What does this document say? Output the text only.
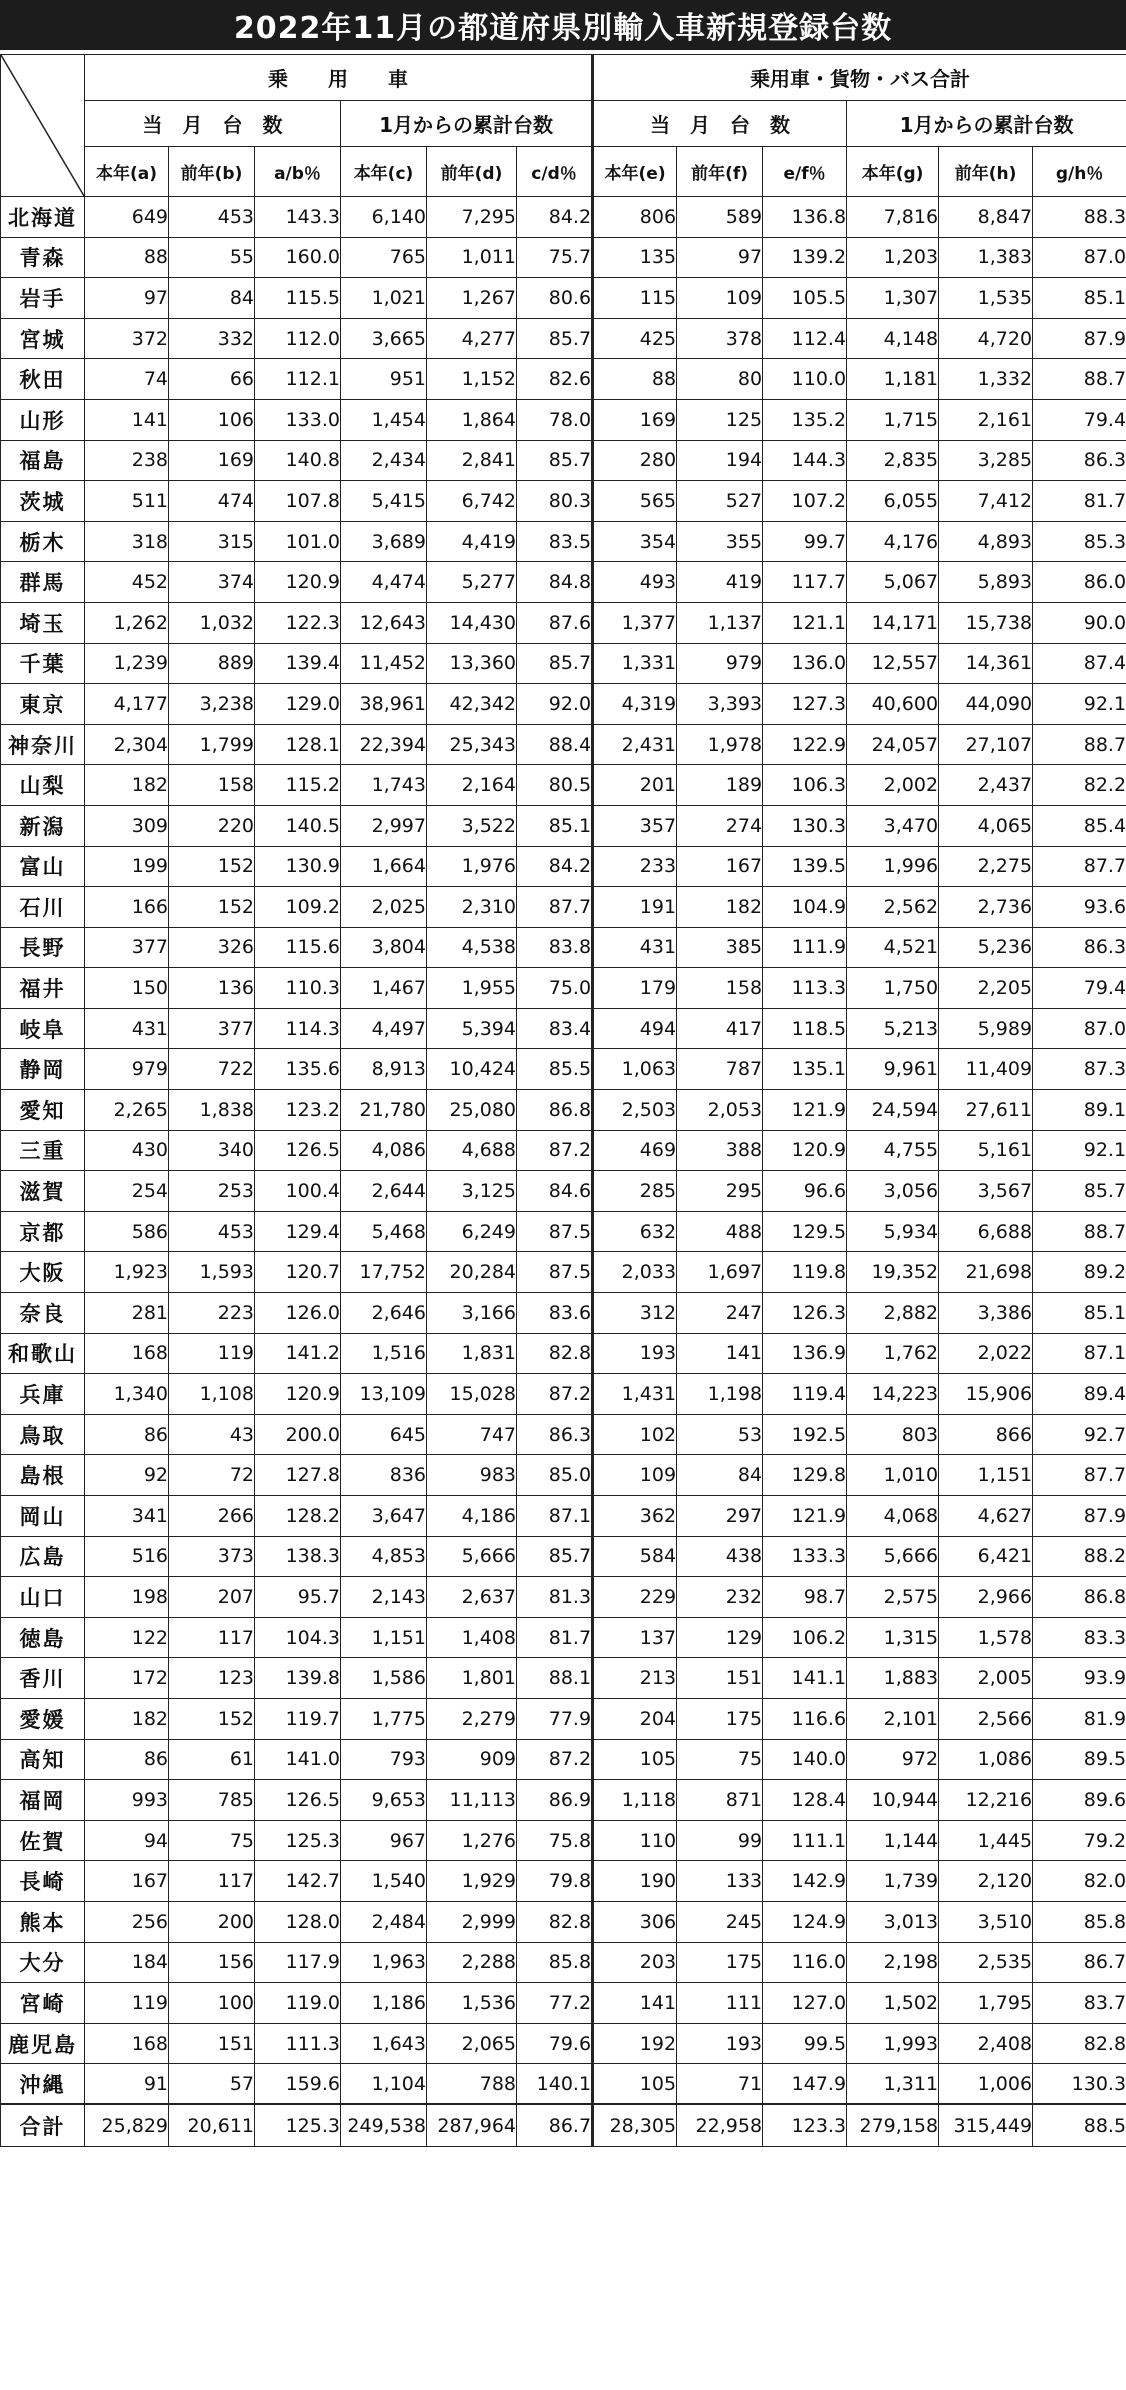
2022年11月の都道府県別輸入車新規登録台数
	乗　　用　　車						乗用車・貨物・バス合計					
	当　月　台　数			1月からの累計台数			当　月　台　数			1月からの累計台数		
	本年(a)	前年(b)	a/b％	本年(c)	前年(d)	c/d％	本年(e)	前年(f)	e/f％	本年(g)	前年(h)	g/h％
北海道	649	453	143.3	6,140	7,295	84.2	806	589	136.8	7,816	8,847	88.3
青森	88	55	160.0	765	1,011	75.7	135	97	139.2	1,203	1,383	87.0
岩手	97	84	115.5	1,021	1,267	80.6	115	109	105.5	1,307	1,535	85.1
宮城	372	332	112.0	3,665	4,277	85.7	425	378	112.4	4,148	4,720	87.9
秋田	74	66	112.1	951	1,152	82.6	88	80	110.0	1,181	1,332	88.7
山形	141	106	133.0	1,454	1,864	78.0	169	125	135.2	1,715	2,161	79.4
福島	238	169	140.8	2,434	2,841	85.7	280	194	144.3	2,835	3,285	86.3
茨城	511	474	107.8	5,415	6,742	80.3	565	527	107.2	6,055	7,412	81.7
栃木	318	315	101.0	3,689	4,419	83.5	354	355	99.7	4,176	4,893	85.3
群馬	452	374	120.9	4,474	5,277	84.8	493	419	117.7	5,067	5,893	86.0
埼玉	1,262	1,032	122.3	12,643	14,430	87.6	1,377	1,137	121.1	14,171	15,738	90.0
千葉	1,239	889	139.4	11,452	13,360	85.7	1,331	979	136.0	12,557	14,361	87.4
東京	4,177	3,238	129.0	38,961	42,342	92.0	4,319	3,393	127.3	40,600	44,090	92.1
神奈川	2,304	1,799	128.1	22,394	25,343	88.4	2,431	1,978	122.9	24,057	27,107	88.7
山梨	182	158	115.2	1,743	2,164	80.5	201	189	106.3	2,002	2,437	82.2
新潟	309	220	140.5	2,997	3,522	85.1	357	274	130.3	3,470	4,065	85.4
富山	199	152	130.9	1,664	1,976	84.2	233	167	139.5	1,996	2,275	87.7
石川	166	152	109.2	2,025	2,310	87.7	191	182	104.9	2,562	2,736	93.6
長野	377	326	115.6	3,804	4,538	83.8	431	385	111.9	4,521	5,236	86.3
福井	150	136	110.3	1,467	1,955	75.0	179	158	113.3	1,750	2,205	79.4
岐阜	431	377	114.3	4,497	5,394	83.4	494	417	118.5	5,213	5,989	87.0
静岡	979	722	135.6	8,913	10,424	85.5	1,063	787	135.1	9,961	11,409	87.3
愛知	2,265	1,838	123.2	21,780	25,080	86.8	2,503	2,053	121.9	24,594	27,611	89.1
三重	430	340	126.5	4,086	4,688	87.2	469	388	120.9	4,755	5,161	92.1
滋賀	254	253	100.4	2,644	3,125	84.6	285	295	96.6	3,056	3,567	85.7
京都	586	453	129.4	5,468	6,249	87.5	632	488	129.5	5,934	6,688	88.7
大阪	1,923	1,593	120.7	17,752	20,284	87.5	2,033	1,697	119.8	19,352	21,698	89.2
奈良	281	223	126.0	2,646	3,166	83.6	312	247	126.3	2,882	3,386	85.1
和歌山	168	119	141.2	1,516	1,831	82.8	193	141	136.9	1,762	2,022	87.1
兵庫	1,340	1,108	120.9	13,109	15,028	87.2	1,431	1,198	119.4	14,223	15,906	89.4
鳥取	86	43	200.0	645	747	86.3	102	53	192.5	803	866	92.7
島根	92	72	127.8	836	983	85.0	109	84	129.8	1,010	1,151	87.7
岡山	341	266	128.2	3,647	4,186	87.1	362	297	121.9	4,068	4,627	87.9
広島	516	373	138.3	4,853	5,666	85.7	584	438	133.3	5,666	6,421	88.2
山口	198	207	95.7	2,143	2,637	81.3	229	232	98.7	2,575	2,966	86.8
徳島	122	117	104.3	1,151	1,408	81.7	137	129	106.2	1,315	1,578	83.3
香川	172	123	139.8	1,586	1,801	88.1	213	151	141.1	1,883	2,005	93.9
愛媛	182	152	119.7	1,775	2,279	77.9	204	175	116.6	2,101	2,566	81.9
高知	86	61	141.0	793	909	87.2	105	75	140.0	972	1,086	89.5
福岡	993	785	126.5	9,653	11,113	86.9	1,118	871	128.4	10,944	12,216	89.6
佐賀	94	75	125.3	967	1,276	75.8	110	99	111.1	1,144	1,445	79.2
長崎	167	117	142.7	1,540	1,929	79.8	190	133	142.9	1,739	2,120	82.0
熊本	256	200	128.0	2,484	2,999	82.8	306	245	124.9	3,013	3,510	85.8
大分	184	156	117.9	1,963	2,288	85.8	203	175	116.0	2,198	2,535	86.7
宮崎	119	100	119.0	1,186	1,536	77.2	141	111	127.0	1,502	1,795	83.7
鹿児島	168	151	111.3	1,643	2,065	79.6	192	193	99.5	1,993	2,408	82.8
沖縄	91	57	159.6	1,104	788	140.1	105	71	147.9	1,311	1,006	130.3
合計	25,829	20,611	125.3	249,538	287,964	86.7	28,305	22,958	123.3	279,158	315,449	88.5
